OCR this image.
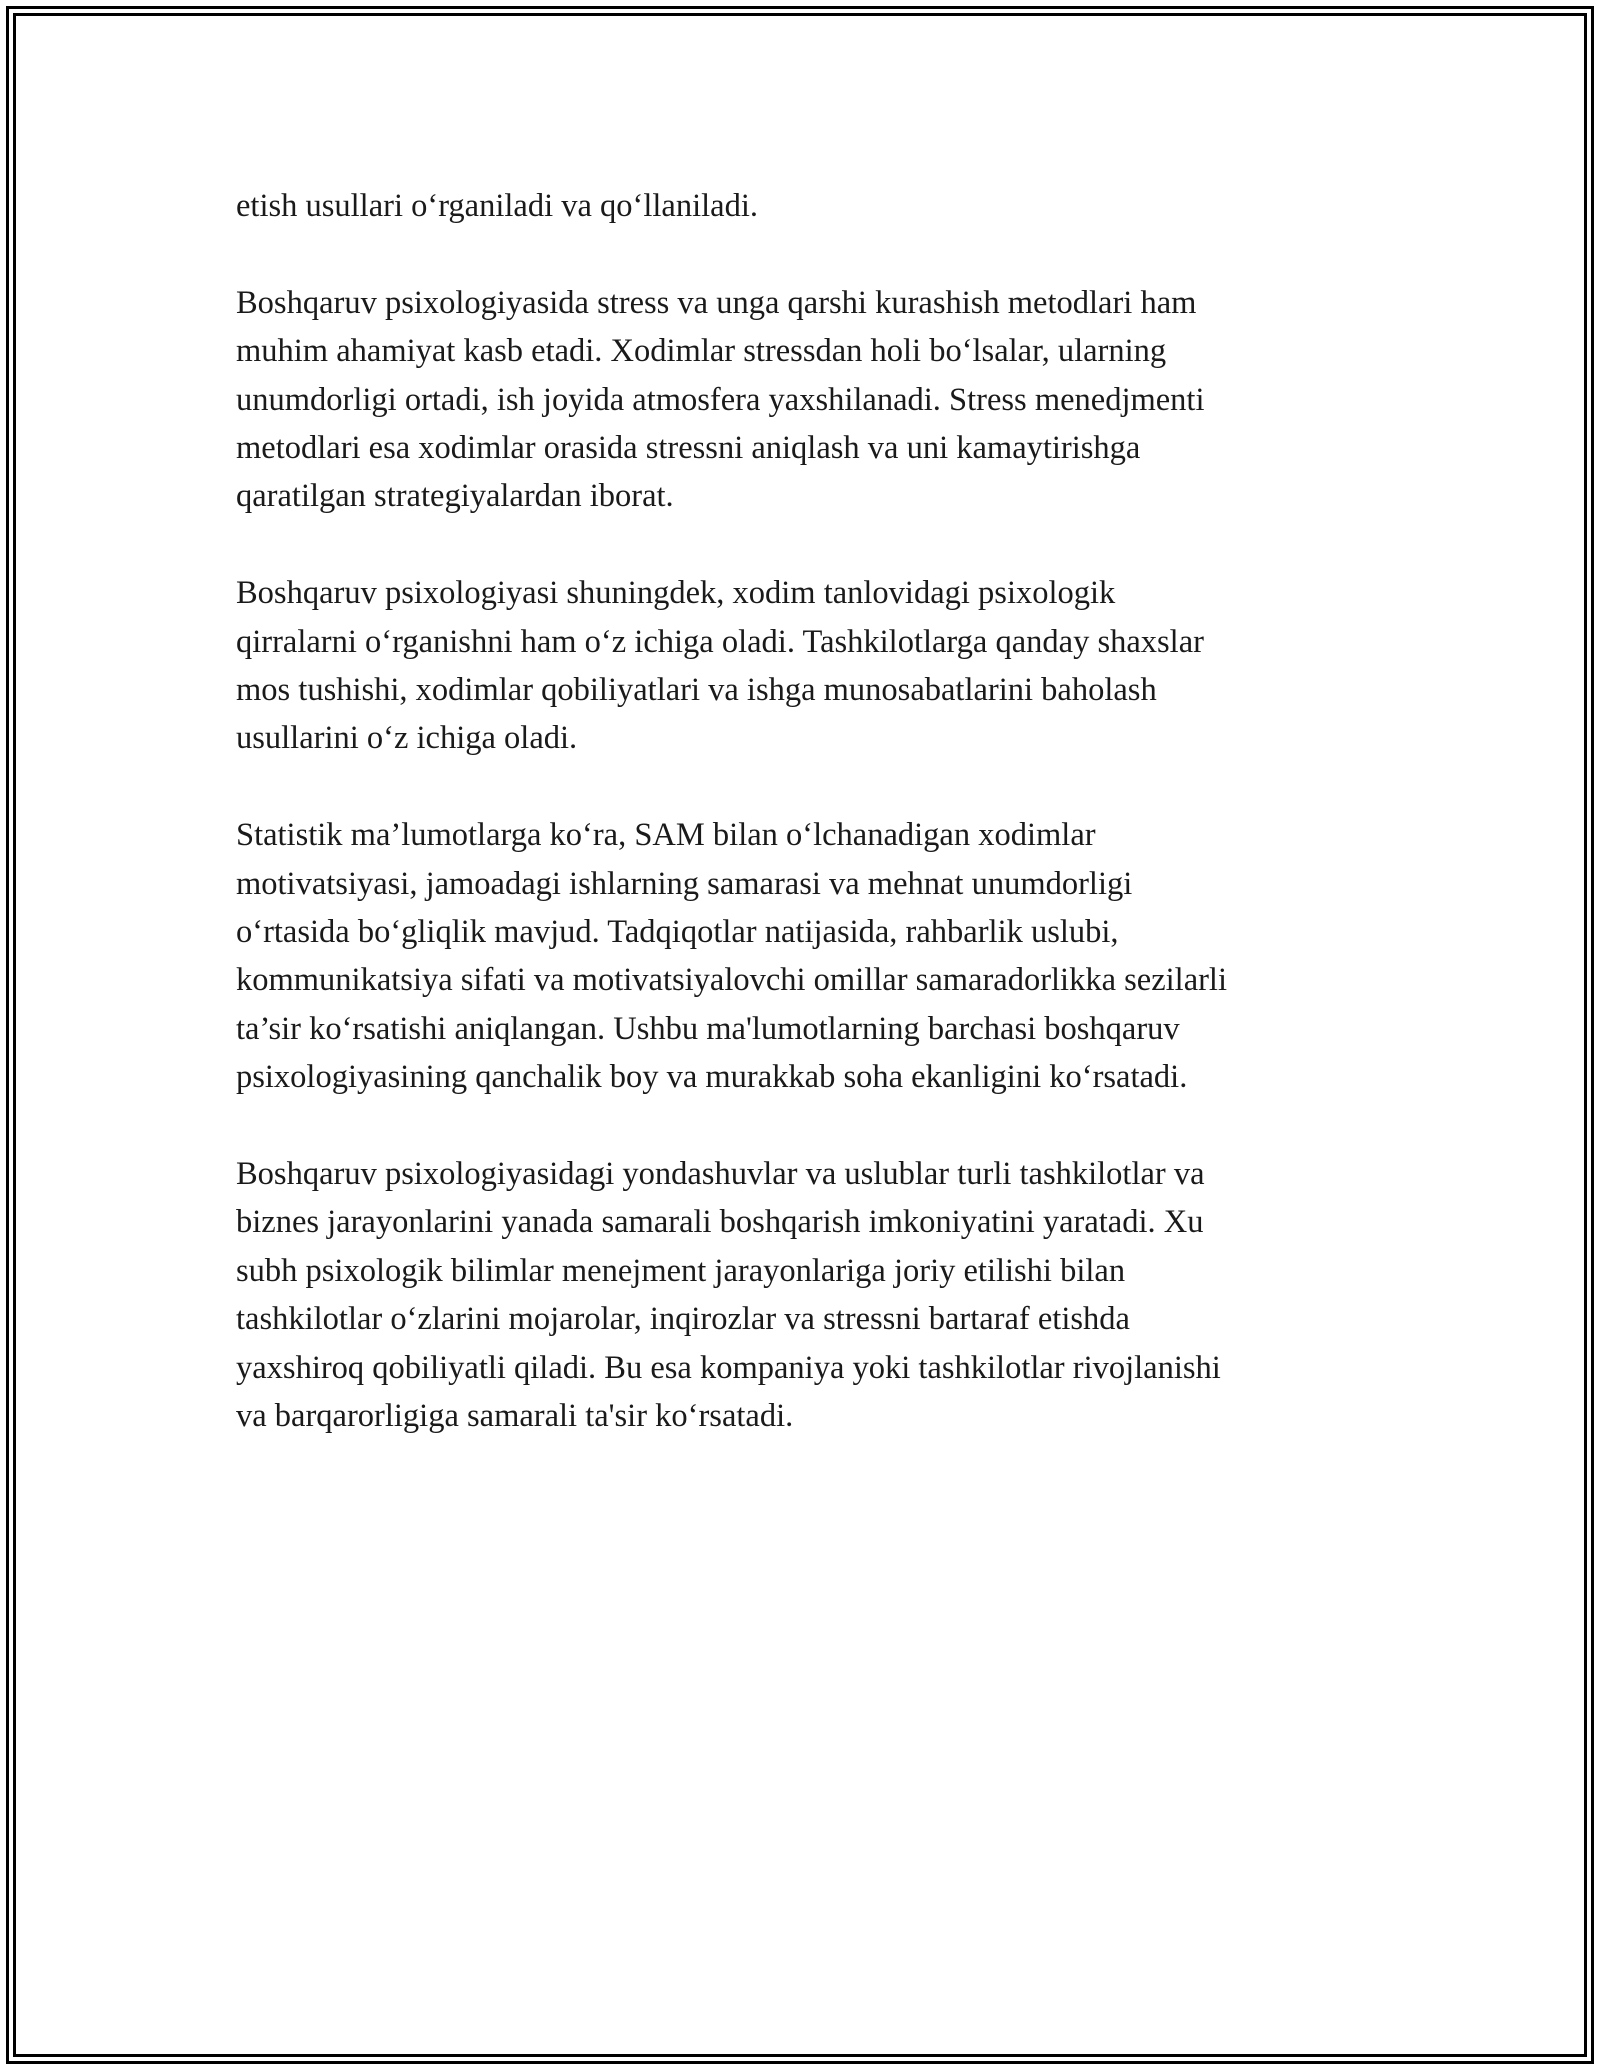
etish usullari o‘rganiladi va qo‘llaniladi.

Boshqaruv psixologiyasida stress va unga qarshi kurashish metodlari ham
muhim ahamiyat kasb etadi. Xodimlar stressdan holi bo‘lsalar, ularning
unumdorligi ortadi, ish joyida atmosfera yaxshilanadi. Stress menedjmenti
metodlari esa xodimlar orasida stressni aniqlash va uni kamaytirishga
qaratilgan strategiyalardan iborat.

Boshqaruv psixologiyasi shuningdek, xodim tanlovidagi psixologik
qirralarni o‘rganishni ham o‘z ichiga oladi. Tashkilotlarga qanday shaxslar
mos tushishi, xodimlar qobiliyatlari va ishga munosabatlarini baholash
usullarini o‘z ichiga oladi.

Statistik ma’lumotlarga ko‘ra, SAM bilan o‘lchanadigan xodimlar
motivatsiyasi, jamoadagi ishlarning samarasi va mehnat unumdorligi
o‘rtasida bo‘gliqlik mavjud. Tadqiqotlar natijasida, rahbarlik uslubi,
kommunikatsiya sifati va motivatsiyalovchi omillar samaradorlikka sezilarli
ta’sir ko‘rsatishi aniqlangan. Ushbu ma'lumotlarning barchasi boshqaruv
psixologiyasining qanchalik boy va murakkab soha ekanligini ko‘rsatadi.

Boshqaruv psixologiyasidagi yondashuvlar va uslublar turli tashkilotlar va
biznes jarayonlarini yanada samarali boshqarish imkoniyatini yaratadi. Xu
subh psixologik bilimlar menejment jarayonlariga joriy etilishi bilan
tashkilotlar o‘zlarini mojarolar, inqirozlar va stressni bartaraf etishda
yaxshiroq qobiliyatli qiladi. Bu esa kompaniya yoki tashkilotlar rivojlanishi
va barqarorligiga samarali ta'sir ko‘rsatadi.
